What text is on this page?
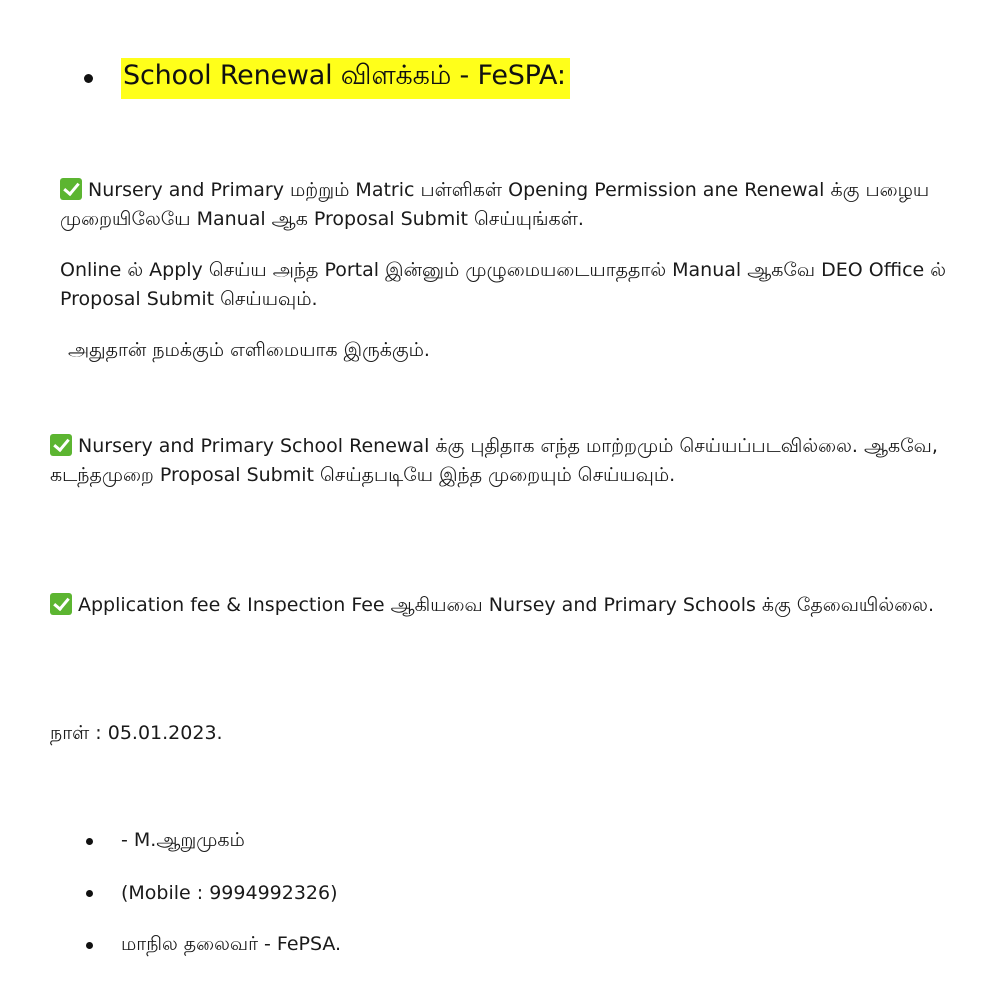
School Renewal விளக்கம் - FeSPA:
Nursery and Primary மற்றும் Matric பள்ளிகள் Opening Permission ane Renewal க்கு பழைய முறையிலேயே Manual ஆக Proposal Submit செய்யுங்கள்.
Online ல் Apply செய்ய அந்த Portal இன்னும் முழுமையடையாததால் Manual ஆகவே DEO Office ல் Proposal Submit செய்யவும்.
அதுதான் நமக்கும் எளிமையாக இருக்கும்.
Nursery and Primary School Renewal க்கு புதிதாக எந்த மாற்றமும் செய்யப்படவில்லை. ஆகவே, கடந்தமுறை Proposal Submit செய்தபடியே இந்த முறையும் செய்யவும்.
Application fee & Inspection Fee ஆகியவை Nursey and Primary Schools க்கு தேவையில்லை.
நாள் : 05.01.2023.
- M.ஆறுமுகம்
(Mobile : 9994992326)
மாநில தலைவர் - FePSA.
